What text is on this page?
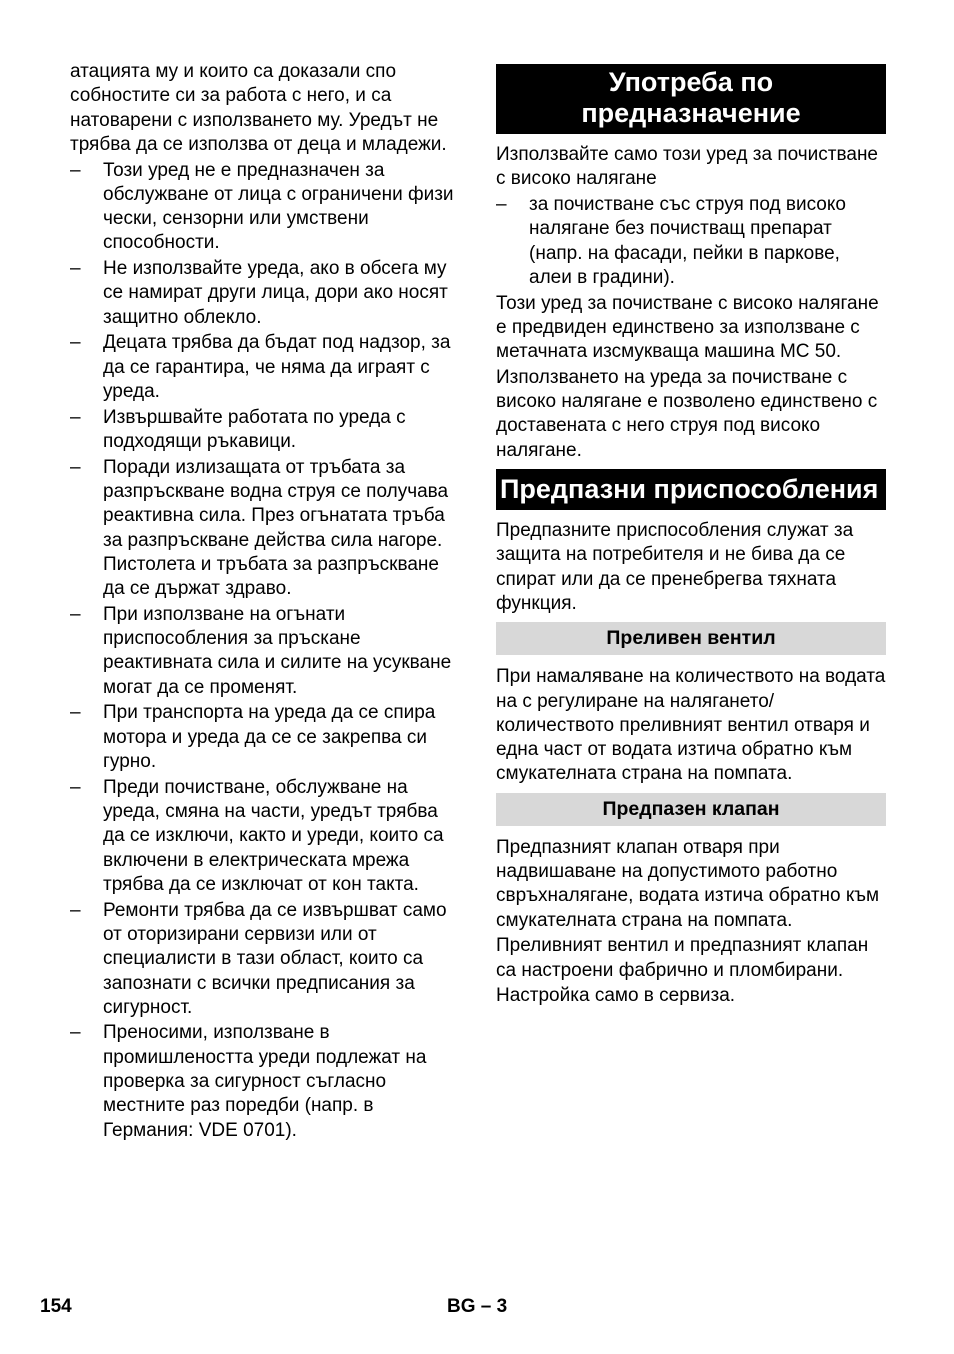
атацията му и които са доказали спо собностите си за работа с него, и са натоварени с използването му. Уредът не трябва да се използва от деца и младежи.

–	Този уред не е предназначен за обслужване от лица с ограничени физи чески, сензорни или умствени способности.
–	Не използвайте уреда, ако в обсега му се намират други лица, дори ако носят защитно облекло.
–	Децата трябва да бъдат под надзор, за да се гарантира, че няма да играят с уреда.
–	Извършвайте работата по уреда с подходящи ръкавици.
–	Поради излизащата от тръбата за разпръскване водна струя се получава реактивна сила. През огънатата тръба за разпръскване действа сила нагоре. Пистолета и тръбата за разпръскване да се държат здраво.
–	При използване на огънати приспособления за пръскане реактивната сила и силите на усукване могат да се променят.
–	При транспорта на уреда да се спира мотора и уреда да се се закрепва си гурно.
–	Преди почистване, обслужване на уреда, смяна на части, уредът трябва да се изключи, както и уреди, които са включени в електрическата мрежа трябва да се изключат от кон такта.
–	Ремонти трябва да се извършват само от оторизирани сервизи или от специалисти в тази област, които са запознати с всички предписания за сигурност.
–	Преносими, използване в промишлеността уреди подлежат на проверка за сигурност съгласно местните раз поредби (напр. в Германия: VDE 0701).
Употреба по предназначение

Използвайте само този уред за почистване с високо налягане

–	за почистване със струя под високо налягане без почистващ препарат (напр. на фасади, пейки в паркове, алеи в градини).

Този уред за почистване с високо налягане е предвиден единствено за използване с метачната изсмукваща машина MC 50.

Използването на уреда за почистване с високо налягане е позволено единствено с доставената с него струя под високо налягане.

Предпазни приспособления

Предпазните приспособления служат за защита на потребителя и не бива да се спират или да се пренебрегва тяхната функция.

Преливен вентил

При намаляване на количеството на водата на с регулиране на налягането/количеството преливният вентил отваря и една част от водата изтича обратно към смукателната страна на помпата.

Предпазен клапан

Предпазният клапан отваря при надвишаване на допустимото работно свръхналягане, водата изтича обратно към смукателната страна на помпата.

Преливният вентил и предпазният клапан са настроени фабрично и пломбирани.

Настройка само в сервиза.

154	BG – 3
